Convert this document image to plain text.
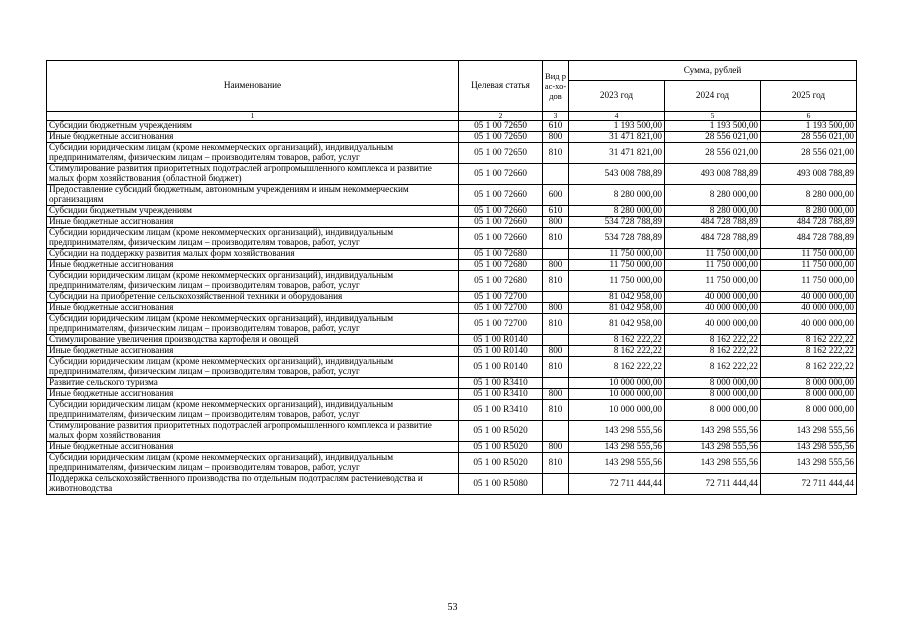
Наименование	Целевая статья	Вид рас-хо-дов	Сумма, рублей		
			2023 год	2024 год	2025 год
1	2	3	4	5	6
Субсидии бюджетным учреждениям	05 1 00 72650	610	1 193 500,00	1 193 500,00	1 193 500,00
Иные бюджетные ассигнования	05 1 00 72650	800	31 471 821,00	28 556 021,00	28 556 021,00
Субсидии юридическим лицам (кроме некоммерческих организаций), индивидуальным предпринимателям, физическим лицам – производителям товаров, работ, услуг	05 1 00 72650	810	31 471 821,00	28 556 021,00	28 556 021,00
Стимулирование развития приоритетных подотраслей агропромышленного комплекса и развитие малых форм хозяйствования (областной бюджет)	05 1 00 72660		543 008 788,89	493 008 788,89	493 008 788,89
Предоставление субсидий бюджетным, автономным учреждениям и иным некоммерческим организациям	05 1 00 72660	600	8 280 000,00	8 280 000,00	8 280 000,00
Субсидии бюджетным учреждениям	05 1 00 72660	610	8 280 000,00	8 280 000,00	8 280 000,00
Иные бюджетные ассигнования	05 1 00 72660	800	534 728 788,89	484 728 788,89	484 728 788,89
Субсидии юридическим лицам (кроме некоммерческих организаций), индивидуальным предпринимателям, физическим лицам – производителям товаров, работ, услуг	05 1 00 72660	810	534 728 788,89	484 728 788,89	484 728 788,89
Субсидии на поддержку развития малых форм хозяйствования	05 1 00 72680		11 750 000,00	11 750 000,00	11 750 000,00
Иные бюджетные ассигнования	05 1 00 72680	800	11 750 000,00	11 750 000,00	11 750 000,00
Субсидии юридическим лицам (кроме некоммерческих организаций), индивидуальным предпринимателям, физическим лицам – производителям товаров, работ, услуг	05 1 00 72680	810	11 750 000,00	11 750 000,00	11 750 000,00
Субсидии на приобретение сельскохозяйственной техники и оборудования	05 1 00 72700		81 042 958,00	40 000 000,00	40 000 000,00
Иные бюджетные ассигнования	05 1 00 72700	800	81 042 958,00	40 000 000,00	40 000 000,00
Субсидии юридическим лицам (кроме некоммерческих организаций), индивидуальным предпринимателям, физическим лицам – производителям товаров, работ, услуг	05 1 00 72700	810	81 042 958,00	40 000 000,00	40 000 000,00
Стимулирование увеличения производства картофеля и овощей	05 1 00 R0140		8 162 222,22	8 162 222,22	8 162 222,22
Иные бюджетные ассигнования	05 1 00 R0140	800	8 162 222,22	8 162 222,22	8 162 222,22
Субсидии юридическим лицам (кроме некоммерческих организаций), индивидуальным предпринимателям, физическим лицам – производителям товаров, работ, услуг	05 1 00 R0140	810	8 162 222,22	8 162 222,22	8 162 222,22
Развитие сельского туризма	05 1 00 R3410		10 000 000,00	8 000 000,00	8 000 000,00
Иные бюджетные ассигнования	05 1 00 R3410	800	10 000 000,00	8 000 000,00	8 000 000,00
Субсидии юридическим лицам (кроме некоммерческих организаций), индивидуальным предпринимателям, физическим лицам – производителям товаров, работ, услуг	05 1 00 R3410	810	10 000 000,00	8 000 000,00	8 000 000,00
Стимулирование развития приоритетных подотраслей агропромышленного комплекса и развитие малых форм хозяйствования	05 1 00 R5020		143 298 555,56	143 298 555,56	143 298 555,56
Иные бюджетные ассигнования	05 1 00 R5020	800	143 298 555,56	143 298 555,56	143 298 555,56
Субсидии юридическим лицам (кроме некоммерческих организаций), индивидуальным предпринимателям, физическим лицам – производителям товаров, работ, услуг	05 1 00 R5020	810	143 298 555,56	143 298 555,56	143 298 555,56
Поддержка сельскохозяйственного производства по отдельным подотраслям растениеводства и животноводства	05 1 00 R5080		72 711 444,44	72 711 444,44	72 711 444,44
53
